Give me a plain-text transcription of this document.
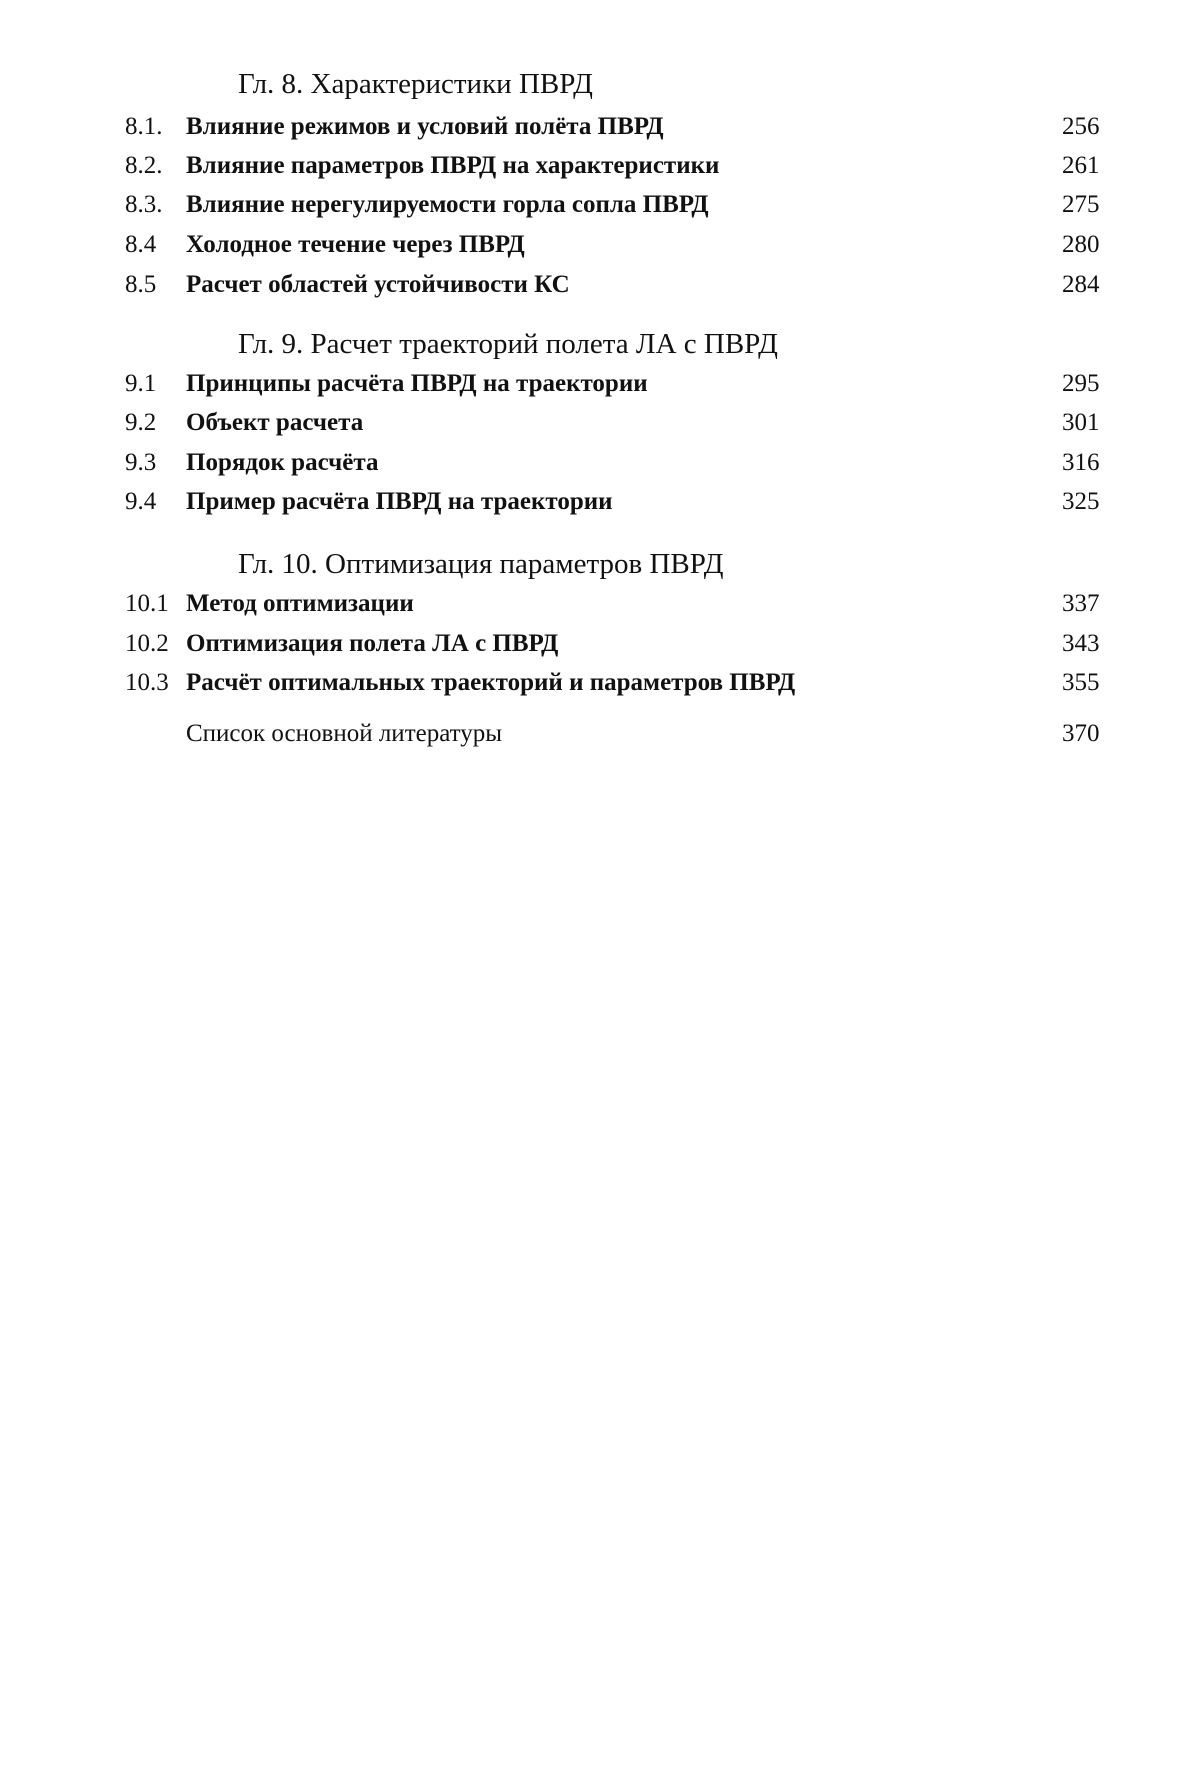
Гл. 8. Характеристики ПВРД
8.1. Влияние режимов и условий полёта ПВРД	256
8.2. Влияние параметров ПВРД на характеристики	261
8.3. Влияние нерегулируемости горла сопла ПВРД	275
8.4 Холодное течение через ПВРД	280
8.5 Расчет областей устойчивости КС	284
Гл. 9. Расчет траекторий полета ЛА с ПВРД
9.1 Принципы расчёта ПВРД на траектории	295
9.2 Объект расчета	301
9.3 Порядок расчёта	316
9.4 Пример расчёта ПВРД на траектории	325
Гл. 10. Оптимизация параметров ПВРД
10.1 Метод оптимизации	337
10.2 Оптимизация полета ЛА с ПВРД	343
10.3 Расчёт оптимальных траекторий и параметров ПВРД	355
Список основной литературы	370
